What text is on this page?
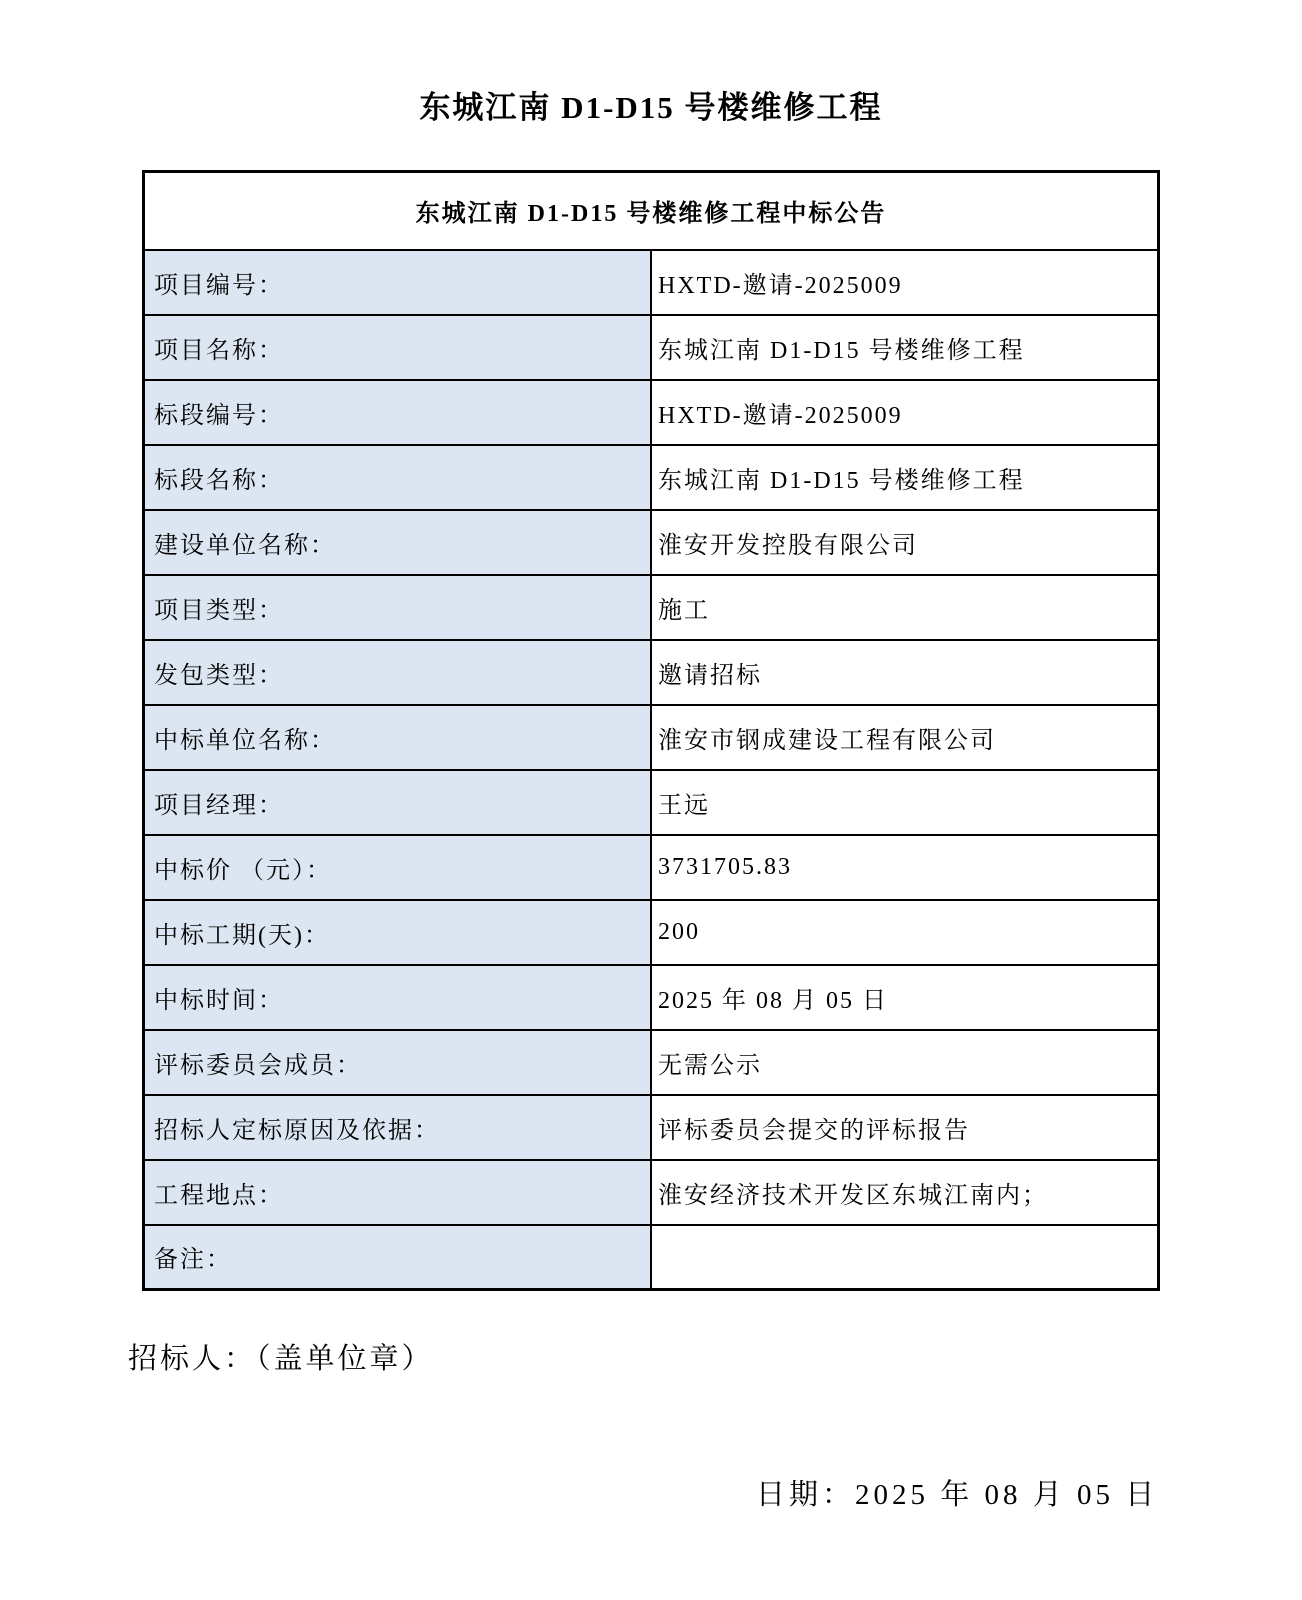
东城江南 D1-D15 号楼维修工程
东城江南 D1-D15 号楼维修工程中标公告	
项目编号：	HXTD-邀请-2025009
项目名称：	东城江南 D1-D15 号楼维修工程
标段编号：	HXTD-邀请-2025009
标段名称：	东城江南 D1-D15 号楼维修工程
建设单位名称：	淮安开发控股有限公司
项目类型：	施工
发包类型：	邀请招标
中标单位名称：	淮安市钢成建设工程有限公司
项目经理：	王远
中标价 （元）：	3731705.83
中标工期(天)：	200
中标时间：	2025 年 08 月 05 日
评标委员会成员：	无需公示
招标人定标原因及依据：	评标委员会提交的评标报告
工程地点：	淮安经济技术开发区东城江南内；
备注：	
招标人：（盖单位章）
日期：2025 年 08 月 05 日
